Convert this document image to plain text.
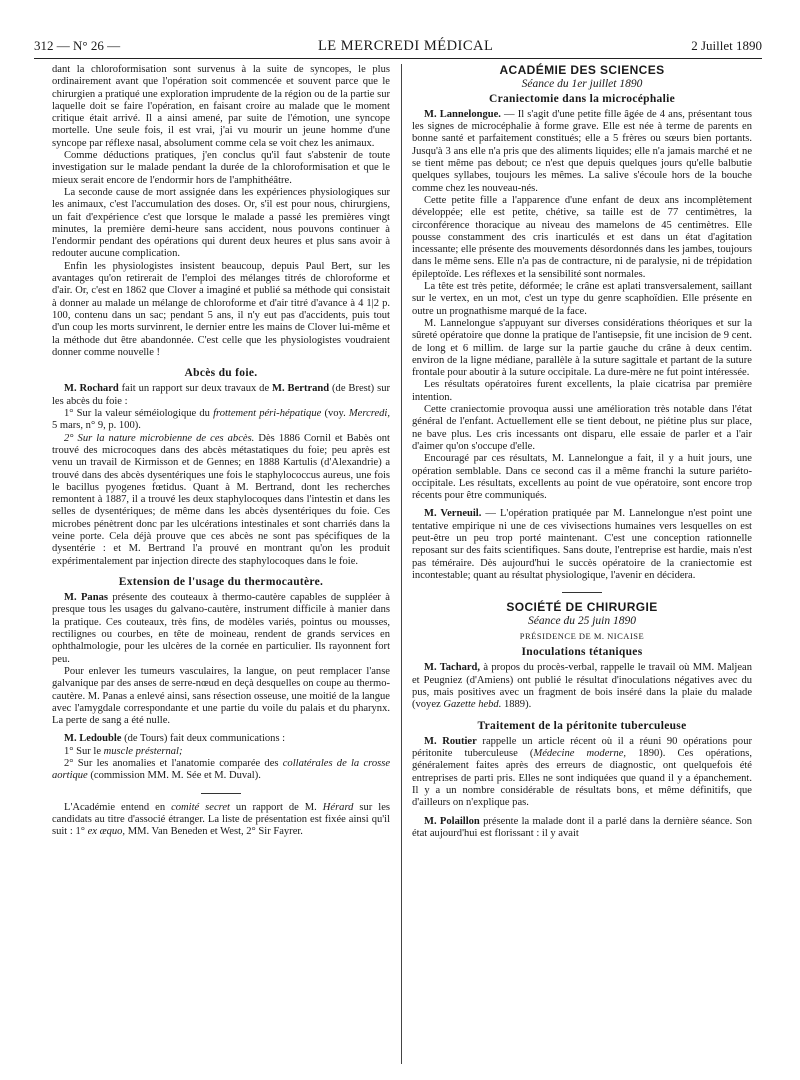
312 — N° 26 —	LE MERCREDI MÉDICAL	2 Juillet 1890

dant la chloroformisation sont survenus à la suite de syncopes, le plus ordinairement avant que l'opération soit commencée et souvent parce que le chirurgien a pratiqué une exploration imprudente de la région ou de la partie sur laquelle doit se faire l'opération, en faisant croire au malade que le moment critique était arrivé. Il a ainsi amené, par suite de l'émotion, une syncope mortelle. Une seule fois, il est vrai, j'ai vu mourir un jeune homme d'une syncope par réflexe nasal, absolument comme cela se voit chez les animaux.

Comme déductions pratiques, j'en conclus qu'il faut s'abstenir de toute investigation sur le malade pendant la durée de la chloroformisation et que le mieux serait encore de l'endormir hors de l'amphithéâtre.

La seconde cause de mort assignée dans les expériences physiologiques sur les animaux, c'est l'accumulation des doses. Or, s'il est pour nous, chirurgiens, un fait d'expérience c'est que lorsque le malade a passé les premières vingt minutes, la première demi-heure sans accident, nous pouvons continuer à l'endormir pendant des opérations qui durent deux heures et plus sans avoir à redouter aucune complication.

Enfin les physiologistes insistent beaucoup, depuis Paul Bert, sur les avantages qu'on retirerait de l'emploi des mélanges titrés de chloroforme et d'air. Or, c'est en 1862 que Clover a imaginé et publié sa méthode qui consistait à donner au malade un mélange de chloroforme et d'air titré d'avance à 4 1|2 p. 100, contenu dans un sac; pendant 5 ans, il n'y eut pas d'accidents, puis tout d'un coup les morts survinrent, le dernier entre les mains de Clover lui-même et la méthode dut être abandonnée. C'est celle que les physiologistes voudraient donner comme nouvelle !

Abcès du foie.

M. Rochard fait un rapport sur deux travaux de M. Bertrand (de Brest) sur les abcès du foie :

1° Sur la valeur séméiologique du frottement péri-hépatique (voy. Mercredi, 5 mars, n° 9, p. 100).

2° Sur la nature microbienne de ces abcès. Dès 1886 Cornil et Babès ont trouvé des microcoques dans des abcès métastatiques du foie; peu après est venu un travail de Kirmisson et de Gennes; en 1888 Kartulis (d'Alexandrie) a trouvé dans des abcès dysentériques une fois le staphylococcus aureus, une fois le bacillus pyogenes fœtidus. Quant à M. Bertrand, dont les recherches remontent à 1887, il a trouvé les deux staphylocoques dans l'intestin et dans les selles de dysentériques; de même dans les abcès dysentériques du foie. Ces microbes pénètrent donc par les ulcérations intestinales et sont charriés dans la veine porte. Cela déjà prouve que ces abcès ne sont pas spécifiques de la dysentérie : et M. Bertrand l'a prouvé en montrant qu'on les produit expérimentalement par injection directe des staphylocoques dans le foie.

Extension de l'usage du thermocautère.

M. Panas présente des couteaux à thermo-cautère capables de suppléer à presque tous les usages du galvano-cautère, instrument difficile à manier dans la pratique. Ces couteaux, très fins, de modèles variés, pointus ou mousses, rectilignes ou courbes, en tête de moineau, rendent de grands services en ophthalmologie, pour les ulcères de la cornée en particulier. Ils rayonnent fort peu.

Pour enlever les tumeurs vasculaires, la langue, on peut remplacer l'anse galvanique par des anses de serre-nœud en deçà desquelles on coupe au thermo-cautère. M. Panas a enlevé ainsi, sans résection osseuse, une moitié de la langue avec l'amygdale correspondante et une partie du voile du palais et du pharynx. La perte de sang a été nulle.

M. Ledouble (de Tours) fait deux communications :

1° Sur le muscle présternal;

2° Sur les anomalies et l'anatomie comparée des collatérales de la crosse aortique (commission MM. M. Sée et M. Duval).

L'Académie entend en comité secret un rapport de M. Hérard sur les candidats au titre d'associé étranger. La liste de présentation est fixée ainsi qu'il suit : 1° ex æquo, MM. Van Beneden et West, 2° Sir Fayrer.

ACADÉMIE DES SCIENCES
Séance du 1er juillet 1890
Craniectomie dans la microcéphalie

M. Lannelongue. — Il s'agit d'une petite fille âgée de 4 ans, présentant tous les signes de microcéphalie à forme grave. Elle est née à terme de parents en bonne santé et parfaitement constitués; elle a 5 frères ou sœurs bien portants. Jusqu'à 3 ans elle n'a pris que des aliments liquides; elle n'a jamais marché et ne se tient même pas debout; ce n'est que depuis quelques jours qu'elle balbutie quelques syllabes, toujours les mêmes. La salive s'écoule hors de la bouche comme chez les nouveau-nés.

Cette petite fille a l'apparence d'une enfant de deux ans incomplètement développée; elle est petite, chétive, sa taille est de 77 centimètres, la circonférence thoracique au niveau des mamelons de 45 centimètres. Elle pousse constamment des cris inarticulés et est dans un état d'agitation incessante; elle présente des mouvements désordonnés dans les jambes, toujours dans le même sens. Elle n'a pas de contracture, ni de paralysie, ni de trépidation épileptoïde. Les réflexes et la sensibilité sont normales.

La tête est très petite, déformée; le crâne est aplati transversalement, saillant sur le vertex, en un mot, c'est un type du genre scaphoïdien. Elle présente en outre un prognathisme marqué de la face.

M. Lannelongue s'appuyant sur diverses considérations théoriques et sur la sûreté opératoire que donne la pratique de l'antisepsie, fit une incision de 9 cent. de long et 6 millim. de large sur la partie gauche du crâne à deux centim. environ de la ligne médiane, parallèle à la suture sagittale et partant de la suture frontale pour aboutir à la suture occipitale. La dure-mère ne fut point intéressée.

Les résultats opératoires furent excellents, la plaie cicatrisa par première intention.

Cette craniectomie provoqua aussi une amélioration très notable dans l'état général de l'enfant. Actuellement elle se tient debout, ne piétine plus sur place, ne bave plus. Les cris incessants ont disparu, elle essaie de parler et a l'air d'aimer qu'on s'occupe d'elle.

Encouragé par ces résultats, M. Lannelongue a fait, il y a huit jours, une opération semblable. Dans ce second cas il a même franchi la suture pariéto-occipitale. Les résultats, excellents au point de vue opératoire, sont encore trop récents pour être communiqués.

M. Verneuil. — L'opération pratiquée par M. Lannelongue n'est point une tentative empirique ni une de ces vivisections humaines vers lesquelles on est peut-être un peu trop porté maintenant. C'est une conception rationnelle reposant sur des faits scientifiques. Sans doute, l'entreprise est hardie, mais n'est pas téméraire. Dès aujourd'hui le succès opératoire de la craniectomie est incontestable; quant au résultat physiologique, l'avenir en décidera.

SOCIÉTÉ DE CHIRURGIE
Séance du 25 juin 1890
PRÉSIDENCE DE M. NICAISE
Inoculations tétaniques

M. Tachard, à propos du procès-verbal, rappelle le travail où MM. Maljean et Peugniez (d'Amiens) ont publié le résultat d'inoculations négatives avec du pus, mais positives avec un fragment de bois inséré dans la plaie du malade (voyez Gazette hebd. 1889).

Traitement de la péritonite tuberculeuse

M. Routier rappelle un article récent où il a réuni 90 opérations pour péritonite tuberculeuse (Médecine moderne, 1890). Ces opérations, généralement faites après des erreurs de diagnostic, ont quelquefois été entreprises de parti pris. Elles ne sont indiquées que quand il y a épanchement. Il y a un nombre considérable de résultats bons, et même définitifs, que d'ailleurs on n'explique pas.

M. Polaillon présente la malade dont il a parlé dans la dernière séance. Son état aujourd'hui est florissant : il y avait
